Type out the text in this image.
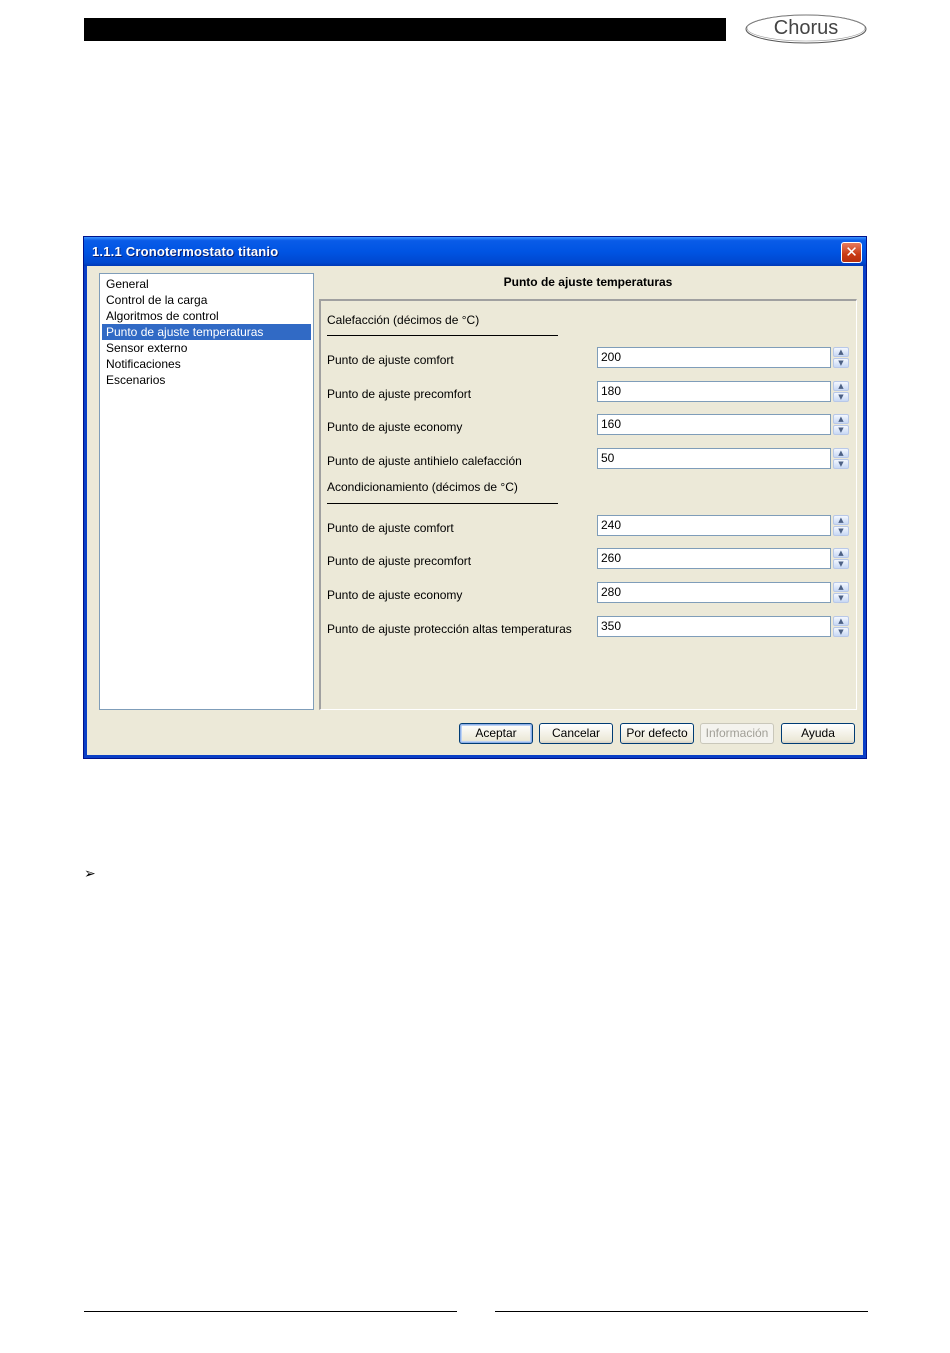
Chorus
1.1.1 Cronotermostato titanio	✕
General
Control de la carga
Algoritmos de control
Punto de ajuste temperaturas
Sensor externo
Notificaciones
Escenarios
Punto de ajuste temperaturas
Calefacción (décimos de °C)
Punto de ajuste comfort	200	▲
▼
Punto de ajuste precomfort	180	▲
▼
Punto de ajuste economy	160	▲
▼
Punto de ajuste antihielo calefacción	50	▲
▼
Acondicionamiento (décimos de °C)
Punto de ajuste comfort	240	▲
▼
Punto de ajuste precomfort	260	▲
▼
Punto de ajuste economy	280	▲
▼
Punto de ajuste protección altas temperaturas 350	▲
▼
Aceptar	Cancelar	Por defecto	Información	Ayuda
➢
